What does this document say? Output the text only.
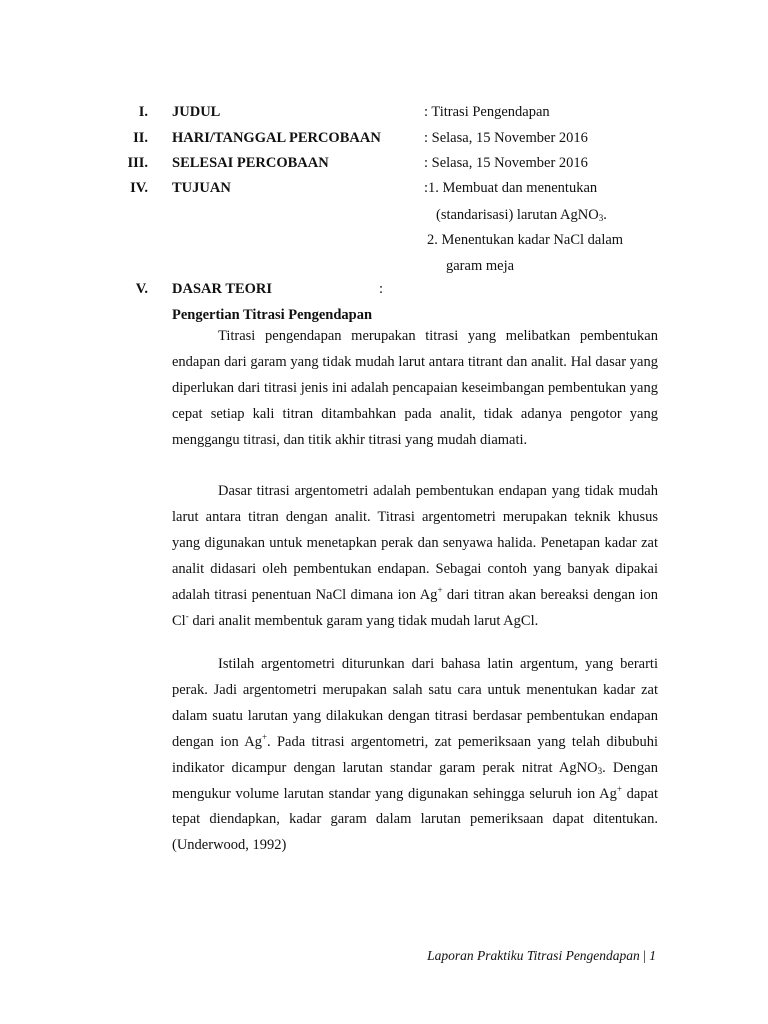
I. JUDUL	: Titrasi Pengendapan
II. HARI/TANGGAL PERCOBAAN	: Selasa, 15 November 2016
III. SELESAI PERCOBAAN	: Selasa, 15 November 2016
IV. TUJUAN	:1. Membuat dan menentukan
(standarisasi) larutan AgNO$_3$.
2. Menentukan kadar NaCl dalam
garam meja
V. DASAR TEORI	:
Pengertian Titrasi Pengendapan
Titrasi pengendapan merupakan titrasi yang melibatkan pembentukan endapan dari garam yang tidak mudah larut antara titrant dan analit. Hal dasar yang diperlukan dari titrasi jenis ini adalah pencapaian keseimbangan pembentukan yang cepat setiap kali titran ditambahkan pada analit, tidak adanya pengotor yang menggangu titrasi, dan titik akhir titrasi yang mudah diamati.
Dasar titrasi argentometri adalah pembentukan endapan yang tidak mudah larut antara titran dengan analit. Titrasi argentometri merupakan teknik khusus yang digunakan untuk menetapkan perak dan senyawa halida. Penetapan kadar zat analit didasari oleh pembentukan endapan. Sebagai contoh yang banyak dipakai adalah titrasi penentuan NaCl dimana ion Ag+ dari titran akan bereaksi dengan ion Cl- dari analit membentuk garam yang tidak mudah larut AgCl.
Istilah argentometri diturunkan dari bahasa latin argentum, yang berarti perak. Jadi argentometri merupakan salah satu cara untuk menentukan kadar zat dalam suatu larutan yang dilakukan dengan titrasi berdasar pembentukan endapan dengan ion Ag+. Pada titrasi argentometri, zat pemeriksaan yang telah dibubuhi indikator dicampur dengan larutan standar garam perak nitrat AgNO$_3$. Dengan mengukur volume larutan standar yang digunakan sehingga seluruh ion Ag+ dapat tepat diendapkan, kadar garam dalam larutan pemeriksaan dapat ditentukan. (Underwood, 1992)
Laporan Praktiku Titrasi Pengendapan | 1
